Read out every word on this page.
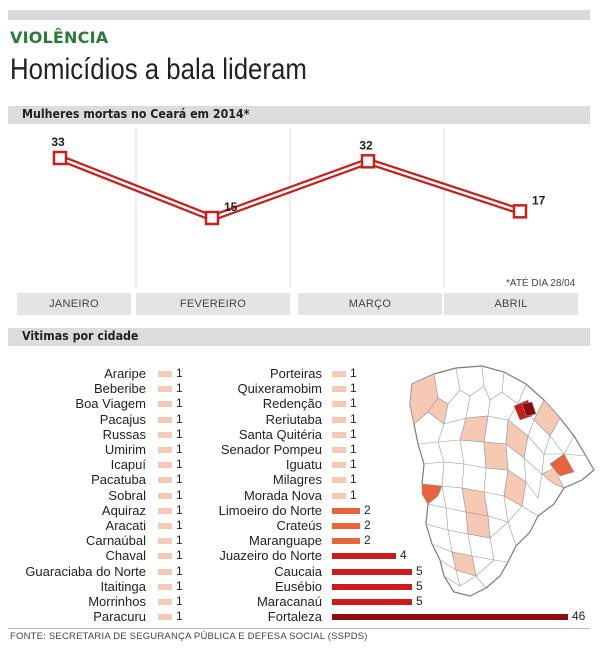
VIOLÊNCIA
Homicídios a bala lideram
Mulheres mortas no Ceará em 2014*
33
15
32
17
JANEIRO	FEVEREIRO	MARÇO	ABRIL
*ATÉ DIA 28/04
Vitimas por cidade
Araripe	1
Beberibe	1
Boa Viagem	1
Pacajus	1
Russas	1
Umirim	1
Icapuí	1
Pacatuba	1
Sobral	1
Aquiraz	1
Aracati	1
Carnaúbal	1
Chaval	1
Guaraciaba do Norte	1
Itaitinga	1
Morrinhos	1
Paracuru	1
Porteiras 1
Quixeramobim 1
Redenção 1
Reriutaba 1
Santa Quitéria 1
Senador Pompeu 1
Iguatu 1
Milagres 1
Morada Nova 1
Limoeiro do Norte	2
Crateús	2
Maranguape	2
Juazeiro do Norte	4
Caucaia	5
Eusébio	5
Maracanaú	5
Fortaleza	46
FONTE: SECRETARIA DE SEGURANÇA PÚBLICA E DEFESA SOCIAL (SSPDS)
